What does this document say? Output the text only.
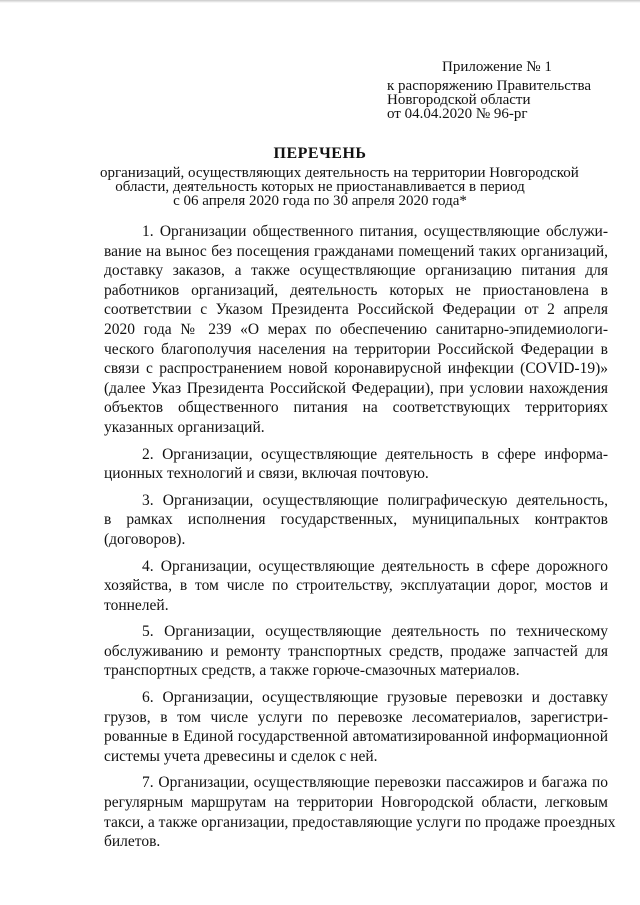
Приложение № 1
к распоряжению Правительства
Новгородской области
от 04.04.2020 № 96-рг
ПЕРЕЧЕНЬ
организаций, осуществляющих деятельность на территории Новгородской
области, деятельность которых не приостанавливается в период
с 06 апреля 2020 года по 30 апреля 2020 года*

1. Организации общественного питания, осуществляющие обслужи-
вание на вынос без посещения гражданами помещений таких организаций,
доставку заказов, а также осуществляющие организацию питания для
работников организаций, деятельность которых не приостановлена в
соответствии с Указом Президента Российской Федерации от 2 апреля
2020 года № 239 «О мерах по обеспечению санитарно-эпидемиологи-
ческого благополучия населения на территории Российской Федерации в
связи с распространением новой коронавирусной инфекции (COVID-19)»
(далее Указ Президента Российской Федерации), при условии нахождения
объектов общественного питания на соответствующих территориях
указанных организаций.

2. Организации, осуществляющие деятельность в сфере информа-
ционных технологий и связи, включая почтовую.

3. Организации, осуществляющие полиграфическую деятельность,
в рамках исполнения государственных, муниципальных контрактов
(договоров).

4. Организации, осуществляющие деятельность в сфере дорожного
хозяйства, в том числе по строительству, эксплуатации дорог, мостов и
тоннелей.

5. Организации, осуществляющие деятельность по техническому
обслуживанию и ремонту транспортных средств, продаже запчастей для
транспортных средств, а также горюче-смазочных материалов.

6. Организации, осуществляющие грузовые перевозки и доставку
грузов, в том числе услуги по перевозке лесоматериалов, зарегистри-
рованные в Единой государственной автоматизированной информационной
системы учета древесины и сделок с ней.

7. Организации, осуществляющие перевозки пассажиров и багажа по
регулярным маршрутам на территории Новгородской области, легковым
такси, а также организации, предоставляющие услуги по продаже проездных
билетов.
